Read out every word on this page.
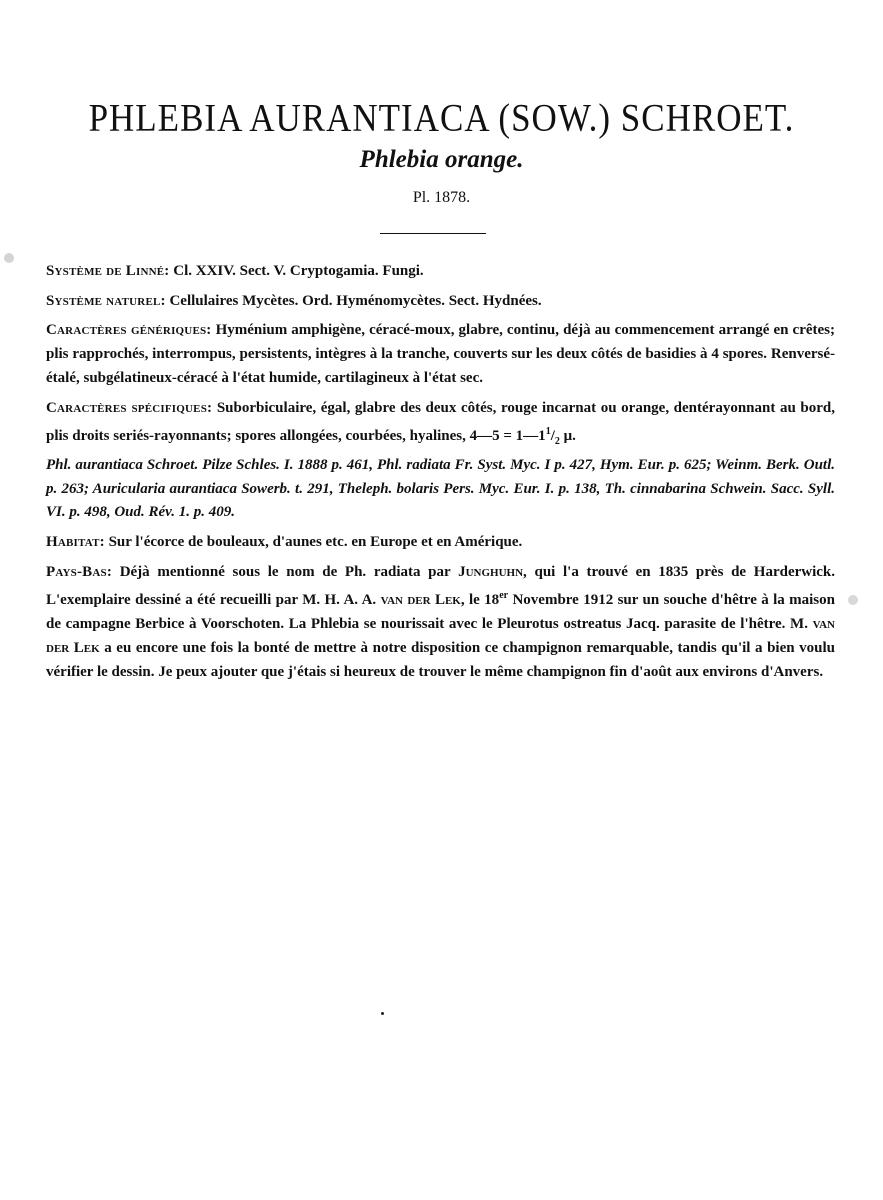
PHLEBIA AURANTIACA (SOW.) SCHROET.
Phlebia orange.
Pl. 1878.

Système de Linné: Cl. XXIV. Sect. V. Cryptogamia. Fungi.

Système naturel: Cellulaires Mycètes. Ord. Hyménomycètes. Sect. Hydnées.

Caractères génériques: Hyménium amphigène, céracé-moux, glabre, continu, déjà au commencement arrangé en crêtes; plis rapprochés, interrompus, persistents, intègres à la tranche, couverts sur les deux côtés de basidies à 4 spores. Renversé-étalé, subgélatineux-céracé à l'état humide, cartilagineux à l'état sec.

Caractères spécifiques: Suborbiculaire, égal, glabre des deux côtés, rouge incarnat ou orange, dentérayonnant au bord, plis droits seriés-rayonnants; spores allongées, courbées, hyalines, 4—5 = $1—1^1/_2$ μ.

Phl. aurantiaca Schroet. Pilze Schles. I. 1888 p. 461, Phl. radiata Fr. Syst. Myc. I p. 427, Hym. Eur. p. 625; Weinm. Berk. Outl. p. 263; Auricularia aurantiaca Sowerb. t. 291, Theleph. bolaris Pers. Myc. Eur. I. p. 138, Th. cinnabarina Schwein. Sacc. Syll. VI. p. 498, Oud. Rév. 1. p. 409.

Habitat: Sur l'écorce de bouleaux, d'aunes etc. en Europe et en Amérique.

Pays-Bas: Déjà mentionné sous le nom de Ph. radiata par Junghuhn, qui l'a trouvé en 1835 près de Harderwick. L'exemplaire dessiné a été recueilli par M. H. A. A. van der Lek, le 18er Novembre 1912 sur un souche d'hêtre à la maison de campagne Berbice à Voorschoten. La Phlebia se nourissait avec le Pleurotus ostreatus Jacq. parasite de l'hêtre. M. van der Lek a eu encore une fois la bonté de mettre à notre disposition ce champignon remarquable, tandis qu'il a bien voulu vérifier le dessin. Je peux ajouter que j'étais si heureux de trouver le même champignon fin d'août aux environs d'Anvers.
